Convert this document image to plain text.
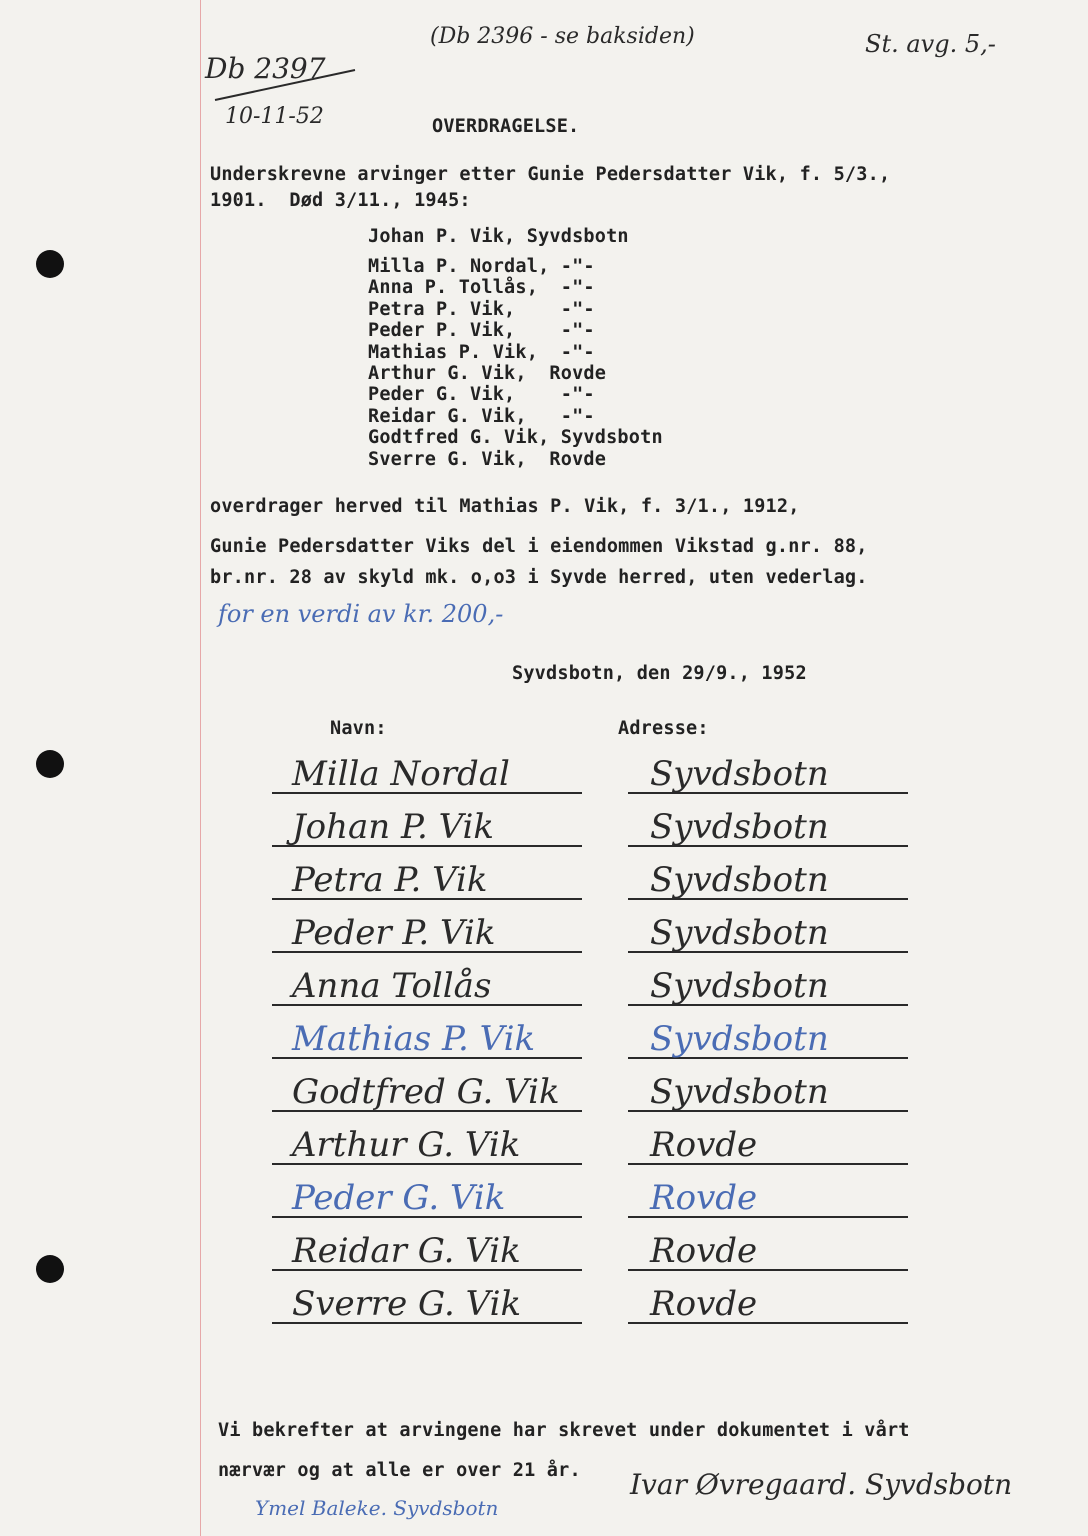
Db 2397
10-11-52
(Db 2396 - se baksiden)	St. avg. 5,-
OVERDRAGELSE.
Underskrevne arvinger etter Gunie Pedersdatter Vik, f. 5/3.,
1901.  Død 3/11., 1945:
Johan P. Vik, Syvdsbotn
Milla P. Nordal, -"-
Anna P. Tollås,  -"-
Petra P. Vik,    -"-
Peder P. Vik,    -"-
Mathias P. Vik,  -"-
Arthur G. Vik,  Rovde
Peder G. Vik,    -"-
Reidar G. Vik,   -"-
Godtfred G. Vik, Syvdsbotn
Sverre G. Vik,  Rovde
overdrager herved til Mathias P. Vik, f. 3/1., 1912,
Gunie Pedersdatter Viks del i eiendommen Vikstad g.nr. 88,
br.nr. 28 av skyld mk. o,o3 i Syvde herred, uten vederlag.
for en verdi av kr. 200,-
Syvdsbotn, den 29/9., 1952
Navn:	Adresse:
Milla Nordal	Syvdsbotn
Johan P. Vik	Syvdsbotn
Petra P. Vik	Syvdsbotn
Peder P. Vik	Syvdsbotn
Anna Tollås	Syvdsbotn
Mathias P. Vik	Syvdsbotn
Godtfred G. Vik	Syvdsbotn
Arthur G. Vik	Rovde
Peder G. Vik	Rovde
Reidar G. Vik	Rovde
Sverre G. Vik	Rovde
Vi bekrefter at arvingene har skrevet under dokumentet i vårt
nærvær og at alle er over 21 år. Ivar Øvregaard. Syvdsbotn
Ymel Baleke. Syvdsbotn
